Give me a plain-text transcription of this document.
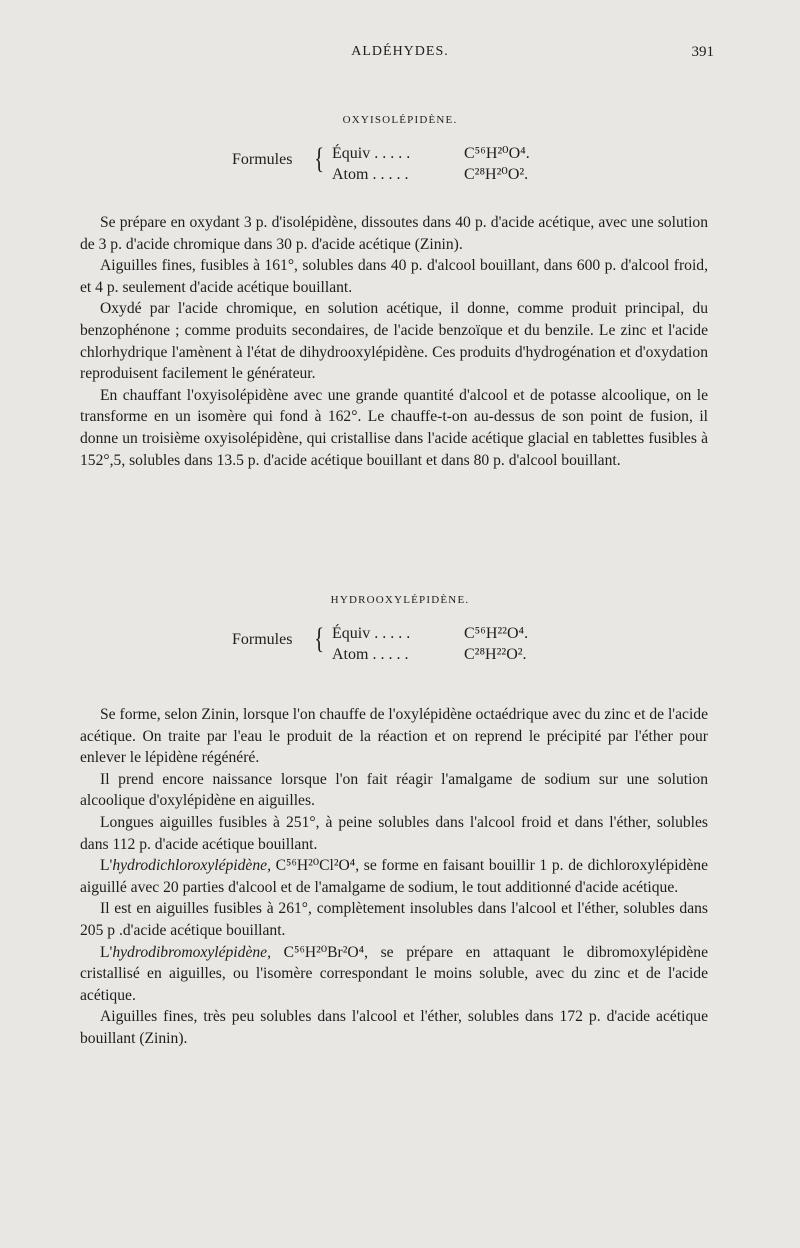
ALDÉHYDES.	391
OXYISOLÉPIDÈNE.
Formules { Équiv . . . . .	C⁵⁶H²⁰O⁴.
Atom . . . . .	C²⁸H²⁰O².

Se prépare en oxydant 3 p. d'isolépidène, dissoutes dans 40 p. d'acide acétique, avec une solution de 3 p. d'acide chromique dans 30 p. d'acide acétique (Zinin).

Aiguilles fines, fusibles à 161°, solubles dans 40 p. d'alcool bouillant, dans 600 p. d'alcool froid, et 4 p. seulement d'acide acétique bouillant.

Oxydé par l'acide chromique, en solution acétique, il donne, comme produit principal, du benzophénone ; comme produits secondaires, de l'acide benzoïque et du benzile. Le zinc et l'acide chlorhydrique l'amènent à l'état de dihydrooxylépidène. Ces produits d'hydrogénation et d'oxydation reproduisent facilement le générateur.

En chauffant l'oxyisolépidène avec une grande quantité d'alcool et de potasse alcoolique, on le transforme en un isomère qui fond à 162°. Le chauffe-t-on au-dessus de son point de fusion, il donne un troisième oxyisolépidène, qui cristallise dans l'acide acétique glacial en tablettes fusibles à 152°,5, solubles dans 13.5 p. d'acide acétique bouillant et dans 80 p. d'alcool bouillant.

HYDROOXYLÉPIDÈNE.
Formules { Équiv . . . . .	C⁵⁶H²²O⁴.
Atom . . . . .	C²⁸H²²O².

Se forme, selon Zinin, lorsque l'on chauffe de l'oxylépidène octaédrique avec du zinc et de l'acide acétique. On traite par l'eau le produit de la réaction et on reprend le précipité par l'éther pour enlever le lépidène régénéré.

Il prend encore naissance lorsque l'on fait réagir l'amalgame de sodium sur une solution alcoolique d'oxylépidène en aiguilles.

Longues aiguilles fusibles à 251°, à peine solubles dans l'alcool froid et dans l'éther, solubles dans 112 p. d'acide acétique bouillant.

L'hydrodichloroxylépidène, C⁵⁶H²⁰Cl²O⁴, se forme en faisant bouillir 1 p. de dichloroxylépidène aiguillé avec 20 parties d'alcool et de l'amalgame de sodium, le tout additionné d'acide acétique.

Il est en aiguilles fusibles à 261°, complètement insolubles dans l'alcool et l'éther, solubles dans 205 p .d'acide acétique bouillant.

L'hydrodibromoxylépidène, C⁵⁶H²⁰Br²O⁴, se prépare en attaquant le dibromoxylépidène cristallisé en aiguilles, ou l'isomère correspondant le moins soluble, avec du zinc et de l'acide acétique.

Aiguilles fines, très peu solubles dans l'alcool et l'éther, solubles dans 172 p. d'acide acétique bouillant (Zinin).
